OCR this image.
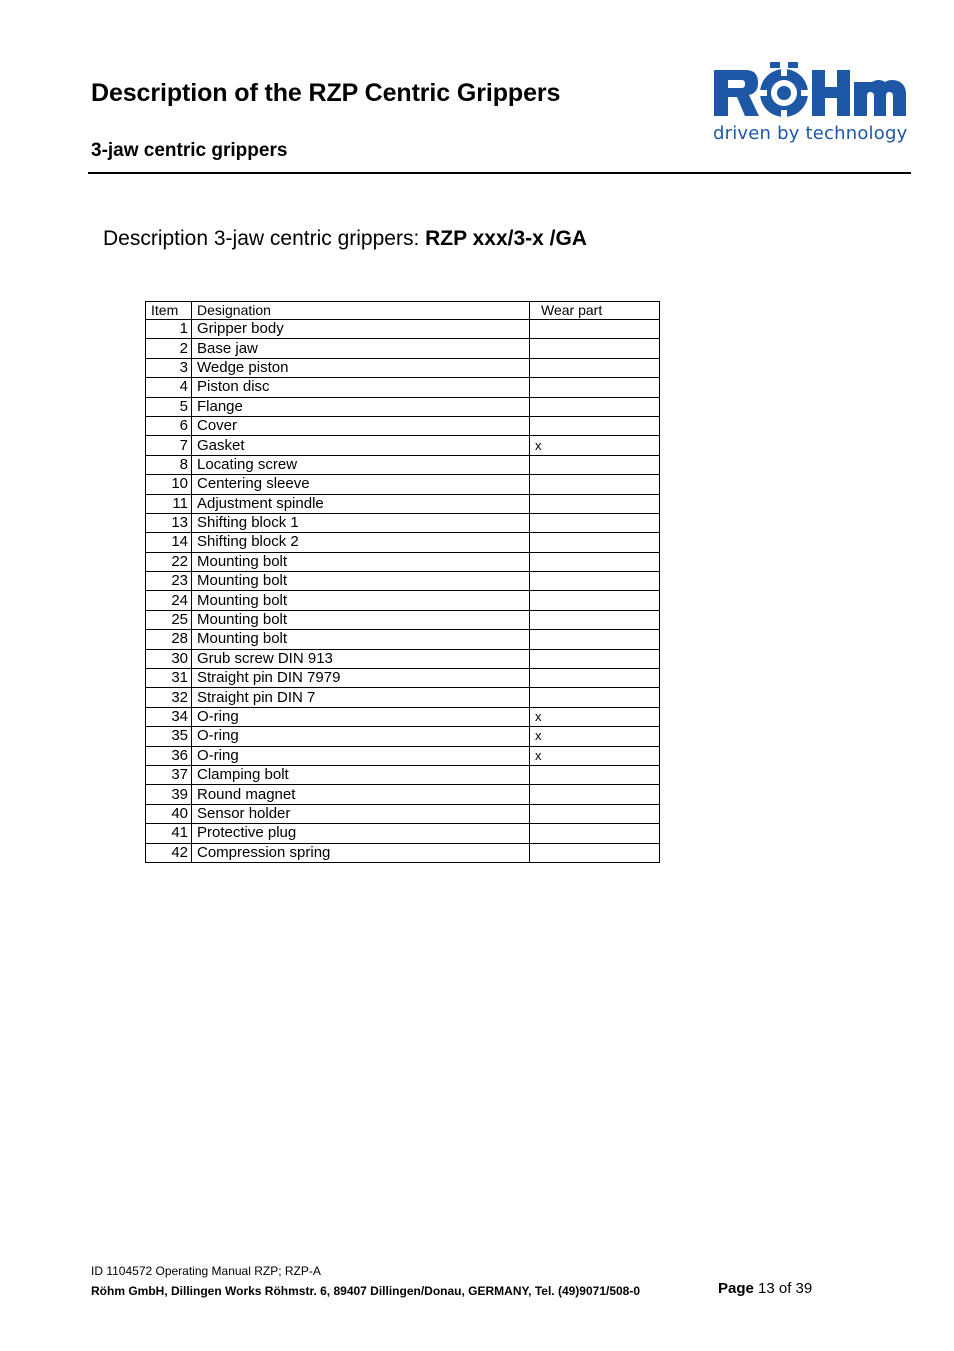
Description of the RZP Centric Grippers
3-jaw centric grippers
driven by technology
Description 3-jaw centric grippers: RZP xxx/3-x /GA
Item	Designation	Wear part
1	Gripper body	
2	Base jaw	
3	Wedge piston	
4	Piston disc	
5	Flange	
6	Cover	
7	Gasket	x
8	Locating screw	
10	Centering sleeve	
11	Adjustment spindle	
13	Shifting block 1	
14	Shifting block 2	
22	Mounting bolt	
23	Mounting bolt	
24	Mounting bolt	
25	Mounting bolt	
28	Mounting bolt	
30	Grub screw DIN 913	
31	Straight pin DIN 7979	
32	Straight pin DIN 7	
34	O-ring	x
35	O-ring	x
36	O-ring	x
37	Clamping bolt	
39	Round magnet	
40	Sensor holder	
41	Protective plug	
42	Compression spring	
ID 1104572 Operating Manual RZP; RZP-A
Röhm GmbH, Dillingen Works Röhmstr. 6, 89407 Dillingen/Donau, GERMANY, Tel. (49)9071/508-0	Page 13 of 39
